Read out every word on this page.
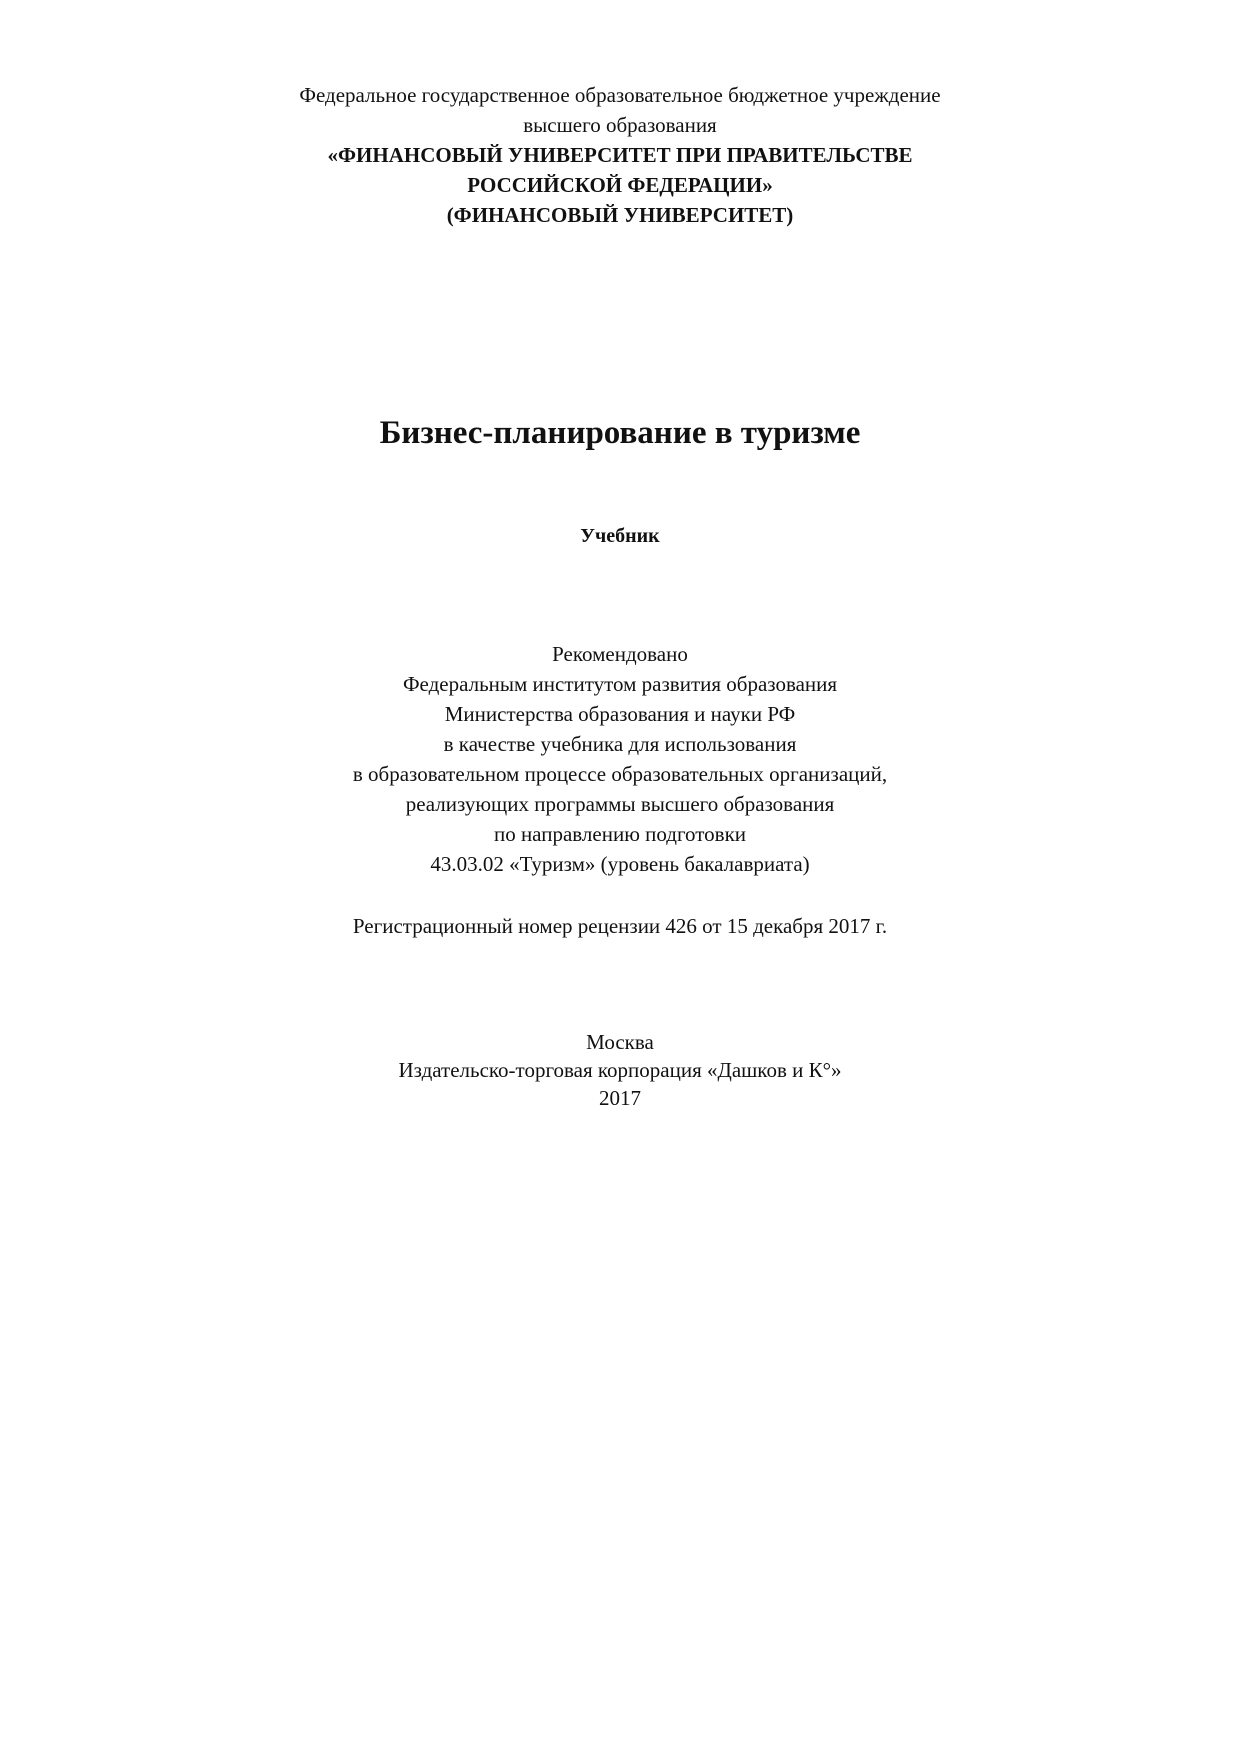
Федеральное государственное образовательное бюджетное учреждение
высшего образования
«ФИНАНСОВЫЙ УНИВЕРСИТЕТ ПРИ ПРАВИТЕЛЬСТВЕ
РОССИЙСКОЙ ФЕДЕРАЦИИ»
(ФИНАНСОВЫЙ УНИВЕРСИТЕТ)
Бизнес-планирование в туризме
Учебник
Рекомендовано
Федеральным институтом развития образования
Министерства образования и науки РФ
в качестве учебника для использования
в образовательном процессе образовательных организаций,
реализующих программы высшего образования
по направлению подготовки
43.03.02 «Туризм» (уровень бакалавриата)
Регистрационный номер рецензии 426 от 15 декабря 2017 г.
Москва
Издательско-торговая корпорация «Дашков и К°»
2017
